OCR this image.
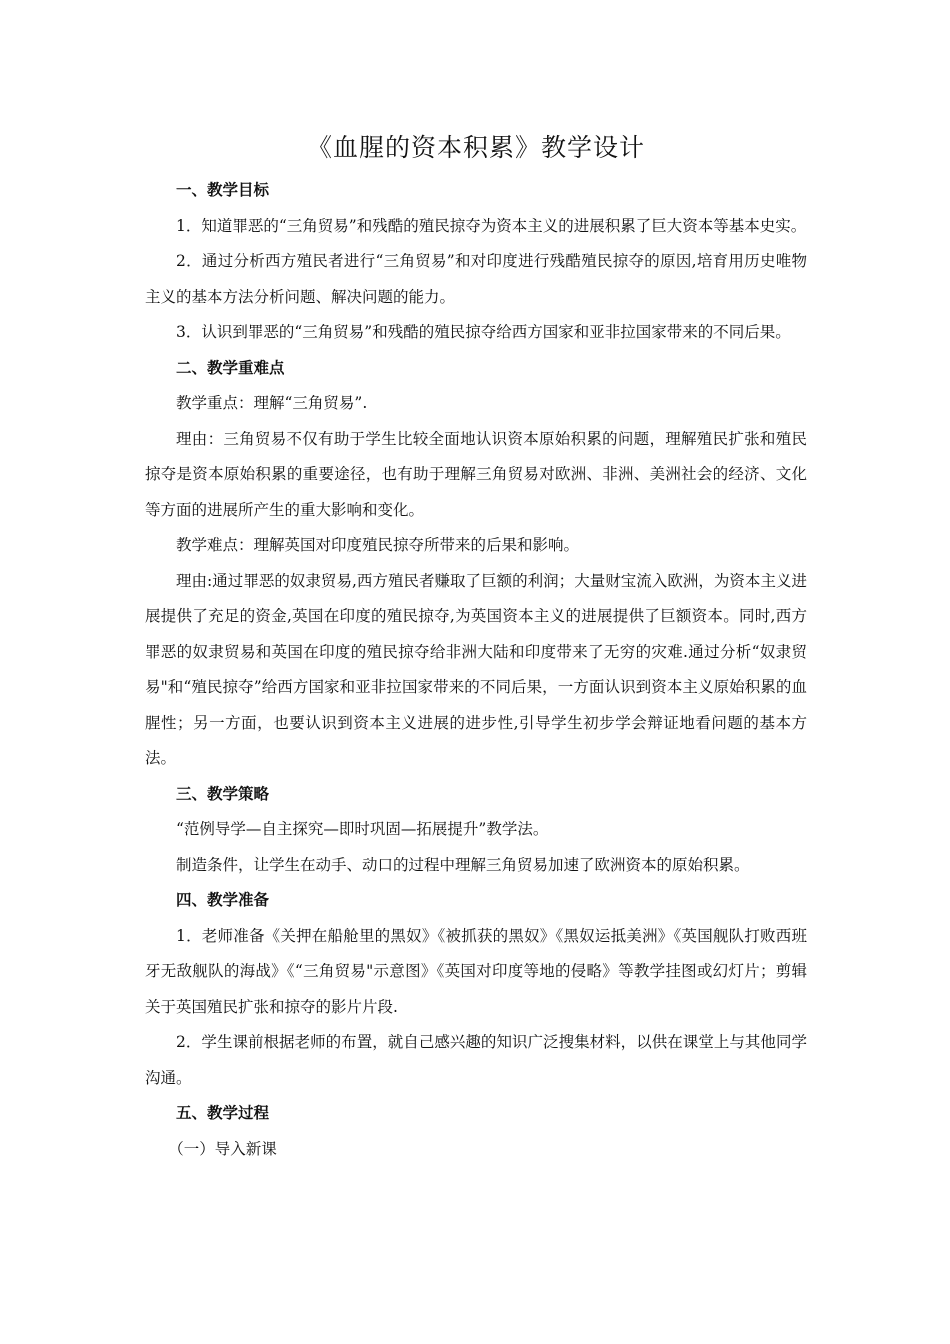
《血腥的资本积累》教学设计

一、教学目标

1．知道罪恶的“三角贸易”和残酷的殖民掠夺为资本主义的进展积累了巨大资本等基本史实。

2．通过分析西方殖民者进行“三角贸易”和对印度进行残酷殖民掠夺的原因,培育用历史唯物主义的基本方法分析问题、解决问题的能力。

3．认识到罪恶的“三角贸易”和残酷的殖民掠夺给西方国家和亚非拉国家带来的不同后果。

二、教学重难点

教学重点：理解“三角贸易”.

理由：三角贸易不仅有助于学生比较全面地认识资本原始积累的问题，理解殖民扩张和殖民掠夺是资本原始积累的重要途径，也有助于理解三角贸易对欧洲、非洲、美洲社会的经济、文化等方面的进展所产生的重大影响和变化。

教学难点：理解英国对印度殖民掠夺所带来的后果和影响。

理由:通过罪恶的奴隶贸易,西方殖民者赚取了巨额的利润；大量财宝流入欧洲，为资本主义进展提供了充足的资金,英国在印度的殖民掠夺,为英国资本主义的进展提供了巨额资本。同时,西方罪恶的奴隶贸易和英国在印度的殖民掠夺给非洲大陆和印度带来了无穷的灾难.通过分析“奴隶贸易"和“殖民掠夺”给西方国家和亚非拉国家带来的不同后果，一方面认识到资本主义原始积累的血腥性；另一方面，也要认识到资本主义进展的进步性,引导学生初步学会辩证地看问题的基本方法。

三、教学策略

“范例导学—自主探究—即时巩固—拓展提升”教学法。

制造条件，让学生在动手、动口的过程中理解三角贸易加速了欧洲资本的原始积累。

四、教学准备

1．老师准备《关押在船舱里的黑奴》《被抓获的黑奴》《黑奴运抵美洲》《英国舰队打败西班牙无敌舰队的海战》《“三角贸易"示意图》《英国对印度等地的侵略》等教学挂图或幻灯片；剪辑关于英国殖民扩张和掠夺的影片片段.

2．学生课前根据老师的布置，就自己感兴趣的知识广泛搜集材料，以供在课堂上与其他同学沟通。

五、教学过程

（一）导入新课
